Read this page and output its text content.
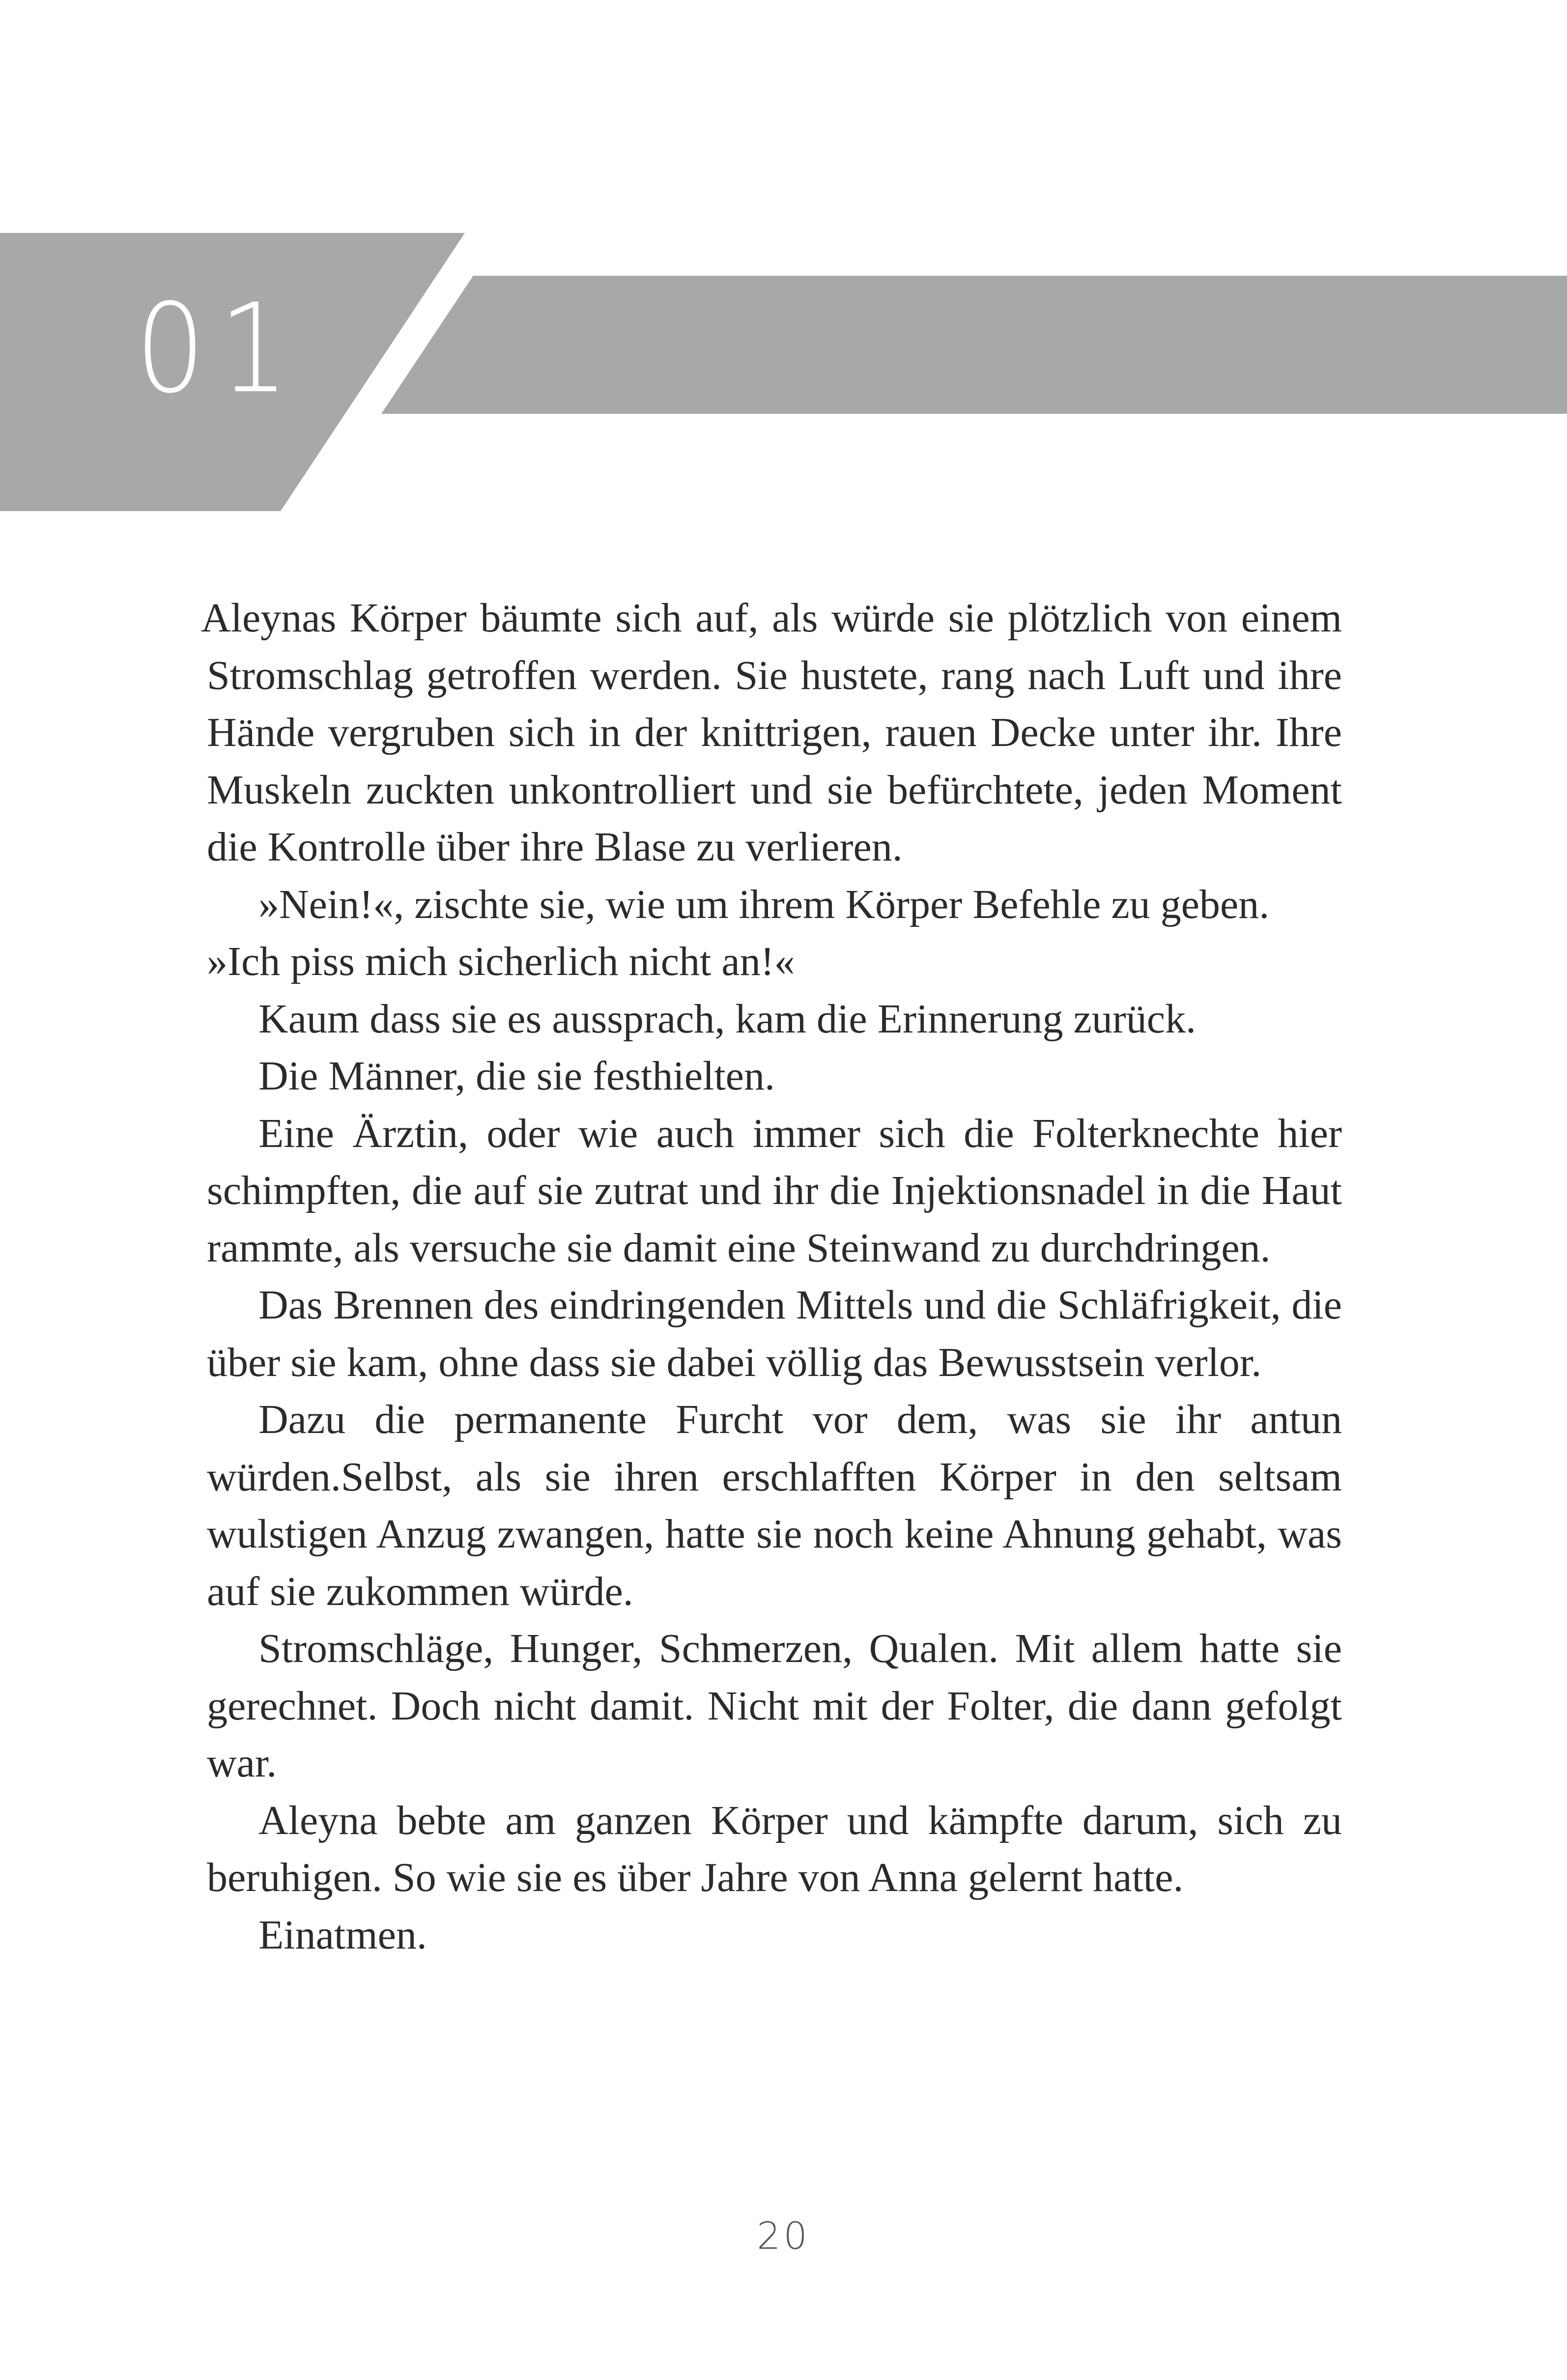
01

Aleynas Körper bäumte sich auf, als würde sie plötzlich von einem Stromschlag getroffen werden. Sie hustete, rang nach Luft und ihre Hände vergruben sich in der knittrigen, rauen Decke unter ihr. Ihre Muskeln zuckten unkontrolliert und sie befürchtete, jeden Moment die Kontrolle über ihre Blase zu verlieren.

»Nein!«, zischte sie, wie um ihrem Körper Befehle zu geben.

»Ich piss mich sicherlich nicht an!«

Kaum dass sie es aussprach, kam die Erinnerung zurück.

Die Männer, die sie festhielten.

Eine Ärztin, oder wie auch immer sich die Folterknechte hier schimpften, die auf sie zutrat und ihr die Injektionsnadel in die Haut rammte, als versuche sie damit eine Steinwand zu durchdringen.

Das Brennen des eindringenden Mittels und die Schläfrigkeit, die über sie kam, ohne dass sie dabei völlig das Bewusstsein verlor.

Dazu die permanente Furcht vor dem, was sie ihr antun würden.Selbst, als sie ihren erschlafften Körper in den seltsam wulstigen Anzug zwangen, hatte sie noch keine Ahnung gehabt, was auf sie zukommen würde.

Stromschläge, Hunger, Schmerzen, Qualen. Mit allem hatte sie gerechnet. Doch nicht damit. Nicht mit der Folter, die dann gefolgt war.

Aleyna bebte am ganzen Körper und kämpfte darum, sich zu beruhigen. So wie sie es über Jahre von Anna gelernt hatte.

Einatmen.

20
